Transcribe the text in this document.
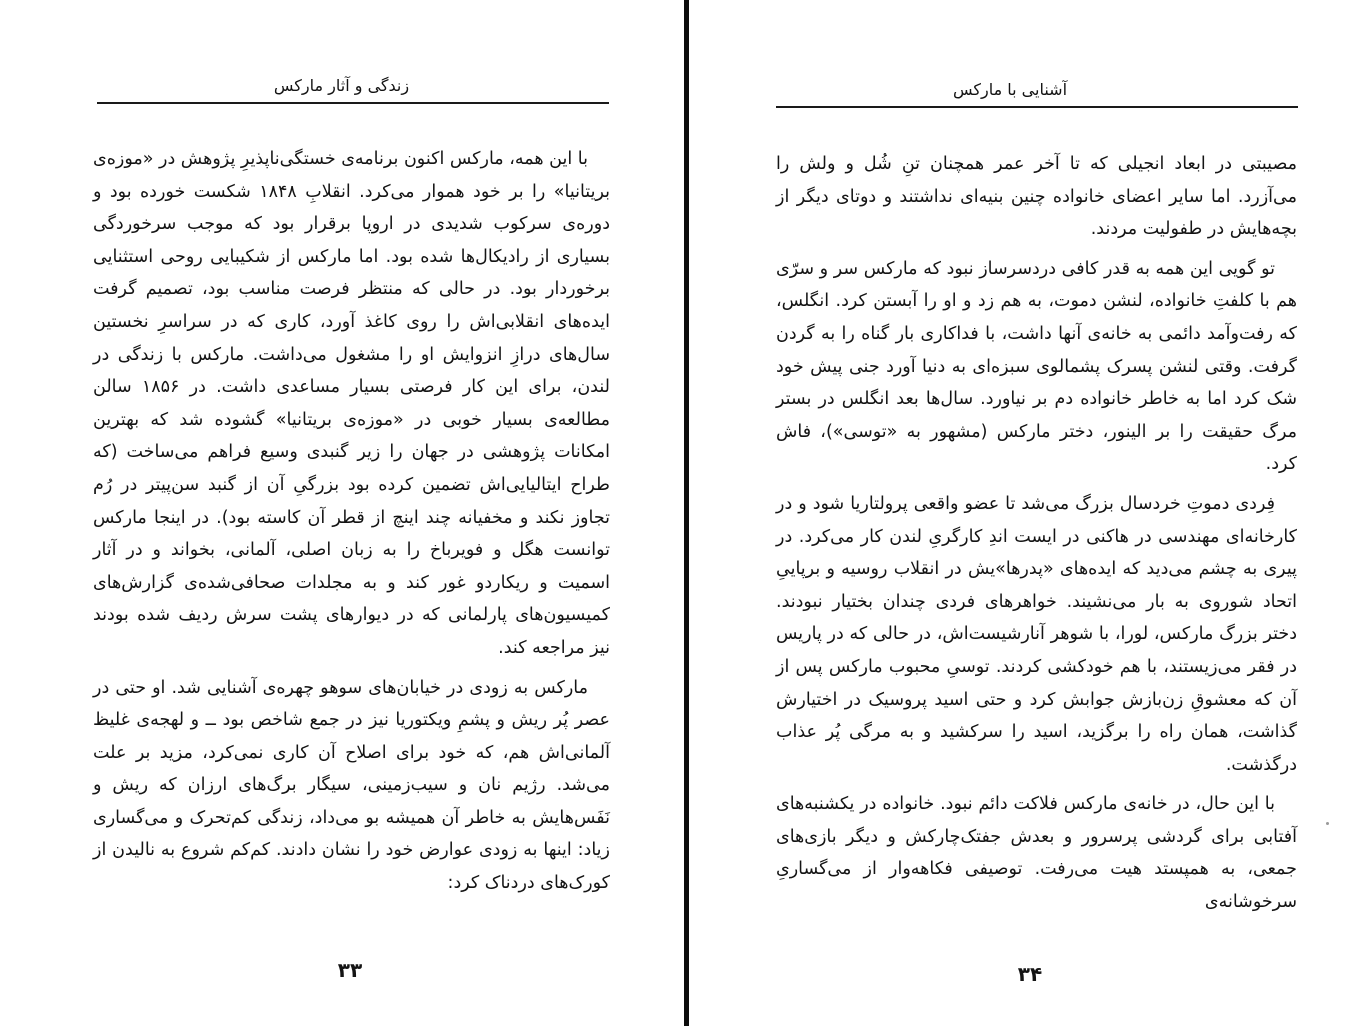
زندگی و آثار مارکس

با این همه، مارکس اکنون برنامه‌ی خستگی‌ناپذیرِ پژوهش در «موزه‌ی بریتانیا» را بر خود هموار می‌کرد. انقلابِ ۱۸۴۸ شکست خورده بود و دوره‌ی سرکوب شدیدی در اروپا برقرار بود که موجب سرخوردگی بسیاری از رادیکال‌ها شده بود. اما مارکس از شکیبایی روحی استثنایی برخوردار بود. در حالی که منتظر فرصت مناسب بود، تصمیم گرفت ایده‌های انقلابی‌اش را روی کاغذ آورد، کاری که در سراسرِ نخستین سال‌های درازِ انزوایش او را مشغول می‌داشت. مارکس با زندگی در لندن، برای این کار فرصتی بسیار مساعدی داشت. در ۱۸۵۶ سالن مطالعه‌ی بسیار خوبی در «موزه‌ی بریتانیا» گشوده شد که بهترین امکانات پژوهشی در جهان را زیر گنبدی وسیع فراهم می‌ساخت (که طراح ایتالیایی‌اش تضمین کرده بود بزرگیِ آن از گنبد سن‌پیتر در رُم تجاوز نکند و مخفیانه چند اینچ از قطر آن کاسته بود). در اینجا مارکس توانست هگل و فویرباخ را به زبان اصلی، آلمانی، بخواند و در آثار اسمیت و ریکاردو غور کند و به مجلدات صحافی‌شده‌ی گزارش‌های کمیسیون‌های پارلمانی که در دیوارهای پشت سرش ردیف شده بودند نیز مراجعه کند.

مارکس به زودی در خیابان‌های سوهو چهره‌ی آشنایی شد. او حتی در عصر پُر ریش و پشمِ ویکتوریا نیز در جمع شاخص بود ــ و لهجه‌ی غلیظ آلمانی‌اش هم، که خود برای اصلاح آن کاری نمی‌کرد، مزید بر علت می‌شد. رژیم نان و سیب‌زمینی، سیگار برگ‌های ارزان که ریش و نَفَس‌هایش به خاطر آن همیشه بو می‌داد، زندگی کم‌تحرک و می‌گساری زیاد: اینها به زودی عوارض خود را نشان دادند. کم‌کم شروع به نالیدن از کورک‌های دردناک کرد:

۳۳
آشنایی با مارکس

مصیبتی در ابعاد انجیلی که تا آخر عمر همچنان تنِ شُل و ولش را می‌آزرد. اما سایر اعضای خانواده چنین بنیه‌ای نداشتند و دوتای دیگر از بچه‌هایش در طفولیت مردند.

تو گویی این همه به قدر کافی دردسرساز نبود که مارکس سر و سرّی هم با کلفتِ خانواده، لنشن دموت، به هم زد و او را آبستن کرد. انگلس، که رفت‌وآمد دائمی به خانه‌ی آنها داشت، با فداکاری بار گناه را به گردن گرفت. وقتی لنشن پسرک پشمالوی سبزه‌ای به دنیا آورد جنی پیش خود شک کرد اما به خاطر خانواده دم بر نیاورد. سال‌ها بعد انگلس در بستر مرگ حقیقت را بر الینور، دختر مارکس (مشهور به «توسی»)، فاش کرد.

فِردی دموتِ خردسال بزرگ می‌شد تا عضو واقعی پرولتاریا شود و در کارخانه‌ای مهندسی در هاکنی در ایست اندِ کارگریِ لندن کار می‌کرد. در پیری به چشم می‌دید که ایده‌های «پدرها»یش در انقلاب روسیه و برپاییِ اتحاد شوروی به بار می‌نشیند. خواهرهای فردی چندان بختیار نبودند. دختر بزرگ مارکس، لورا، با شوهر آنارشیست‌اش، در حالی که در پاریس در فقر می‌زیستند، با هم خودکشی کردند. توسیِ محبوب مارکس پس از آن که معشوقِ زن‌بازش جوابش کرد و حتی اسید پروسیک در اختیارش گذاشت، همان راه را برگزید، اسید را سرکشید و به مرگی پُر عذاب درگذشت.

با این حال، در خانه‌ی مارکس فلاکت دائم نبود. خانواده در یکشنبه‌های آفتابی برای گردشی پرسرور و بعدش جفتک‌چارکش و دیگر بازی‌های جمعی، به همپستد هیت می‌رفت. توصیفی فکاهه‌وار از می‌گساریِ سرخوشانه‌ی

۳۴
